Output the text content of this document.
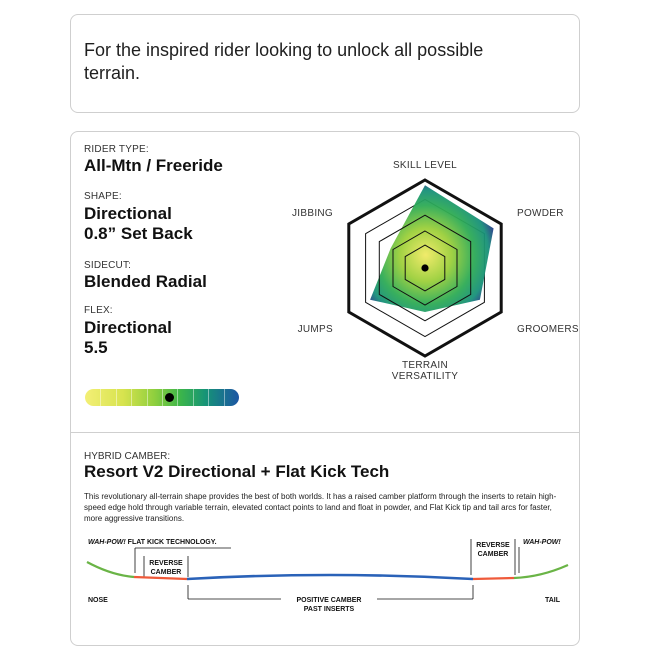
For the inspired rider looking to unlock all possible terrain.
RIDER TYPE:
All-Mtn / Freeride
SHAPE:
Directional
0.8” Set Back
SIDECUT:
Blended Radial
FLEX:
Directional
5.5
SKILL LEVEL
POWDER
GROOMERS
TERRAIN VERSATILITY
JUMPS
JIBBING
HYBRID CAMBER:
Resort V2 Directional + Flat Kick Tech
This revolutionary all-terrain shape provides the best of both worlds. It has a raised camber platform through the inserts to retain high-speed edge hold through variable terrain, elevated contact points to land and float in powder, and Flat Kick tip and tail arcs for faster, more aggressive transitions.
WAH-POW! FLAT KICK TECHNOLOGY.
REVERSE
CAMBER
REVERSE
CAMBER
WAH-POW!
NOSE	TAIL
POSITIVE CAMBER
PAST INSERTS
